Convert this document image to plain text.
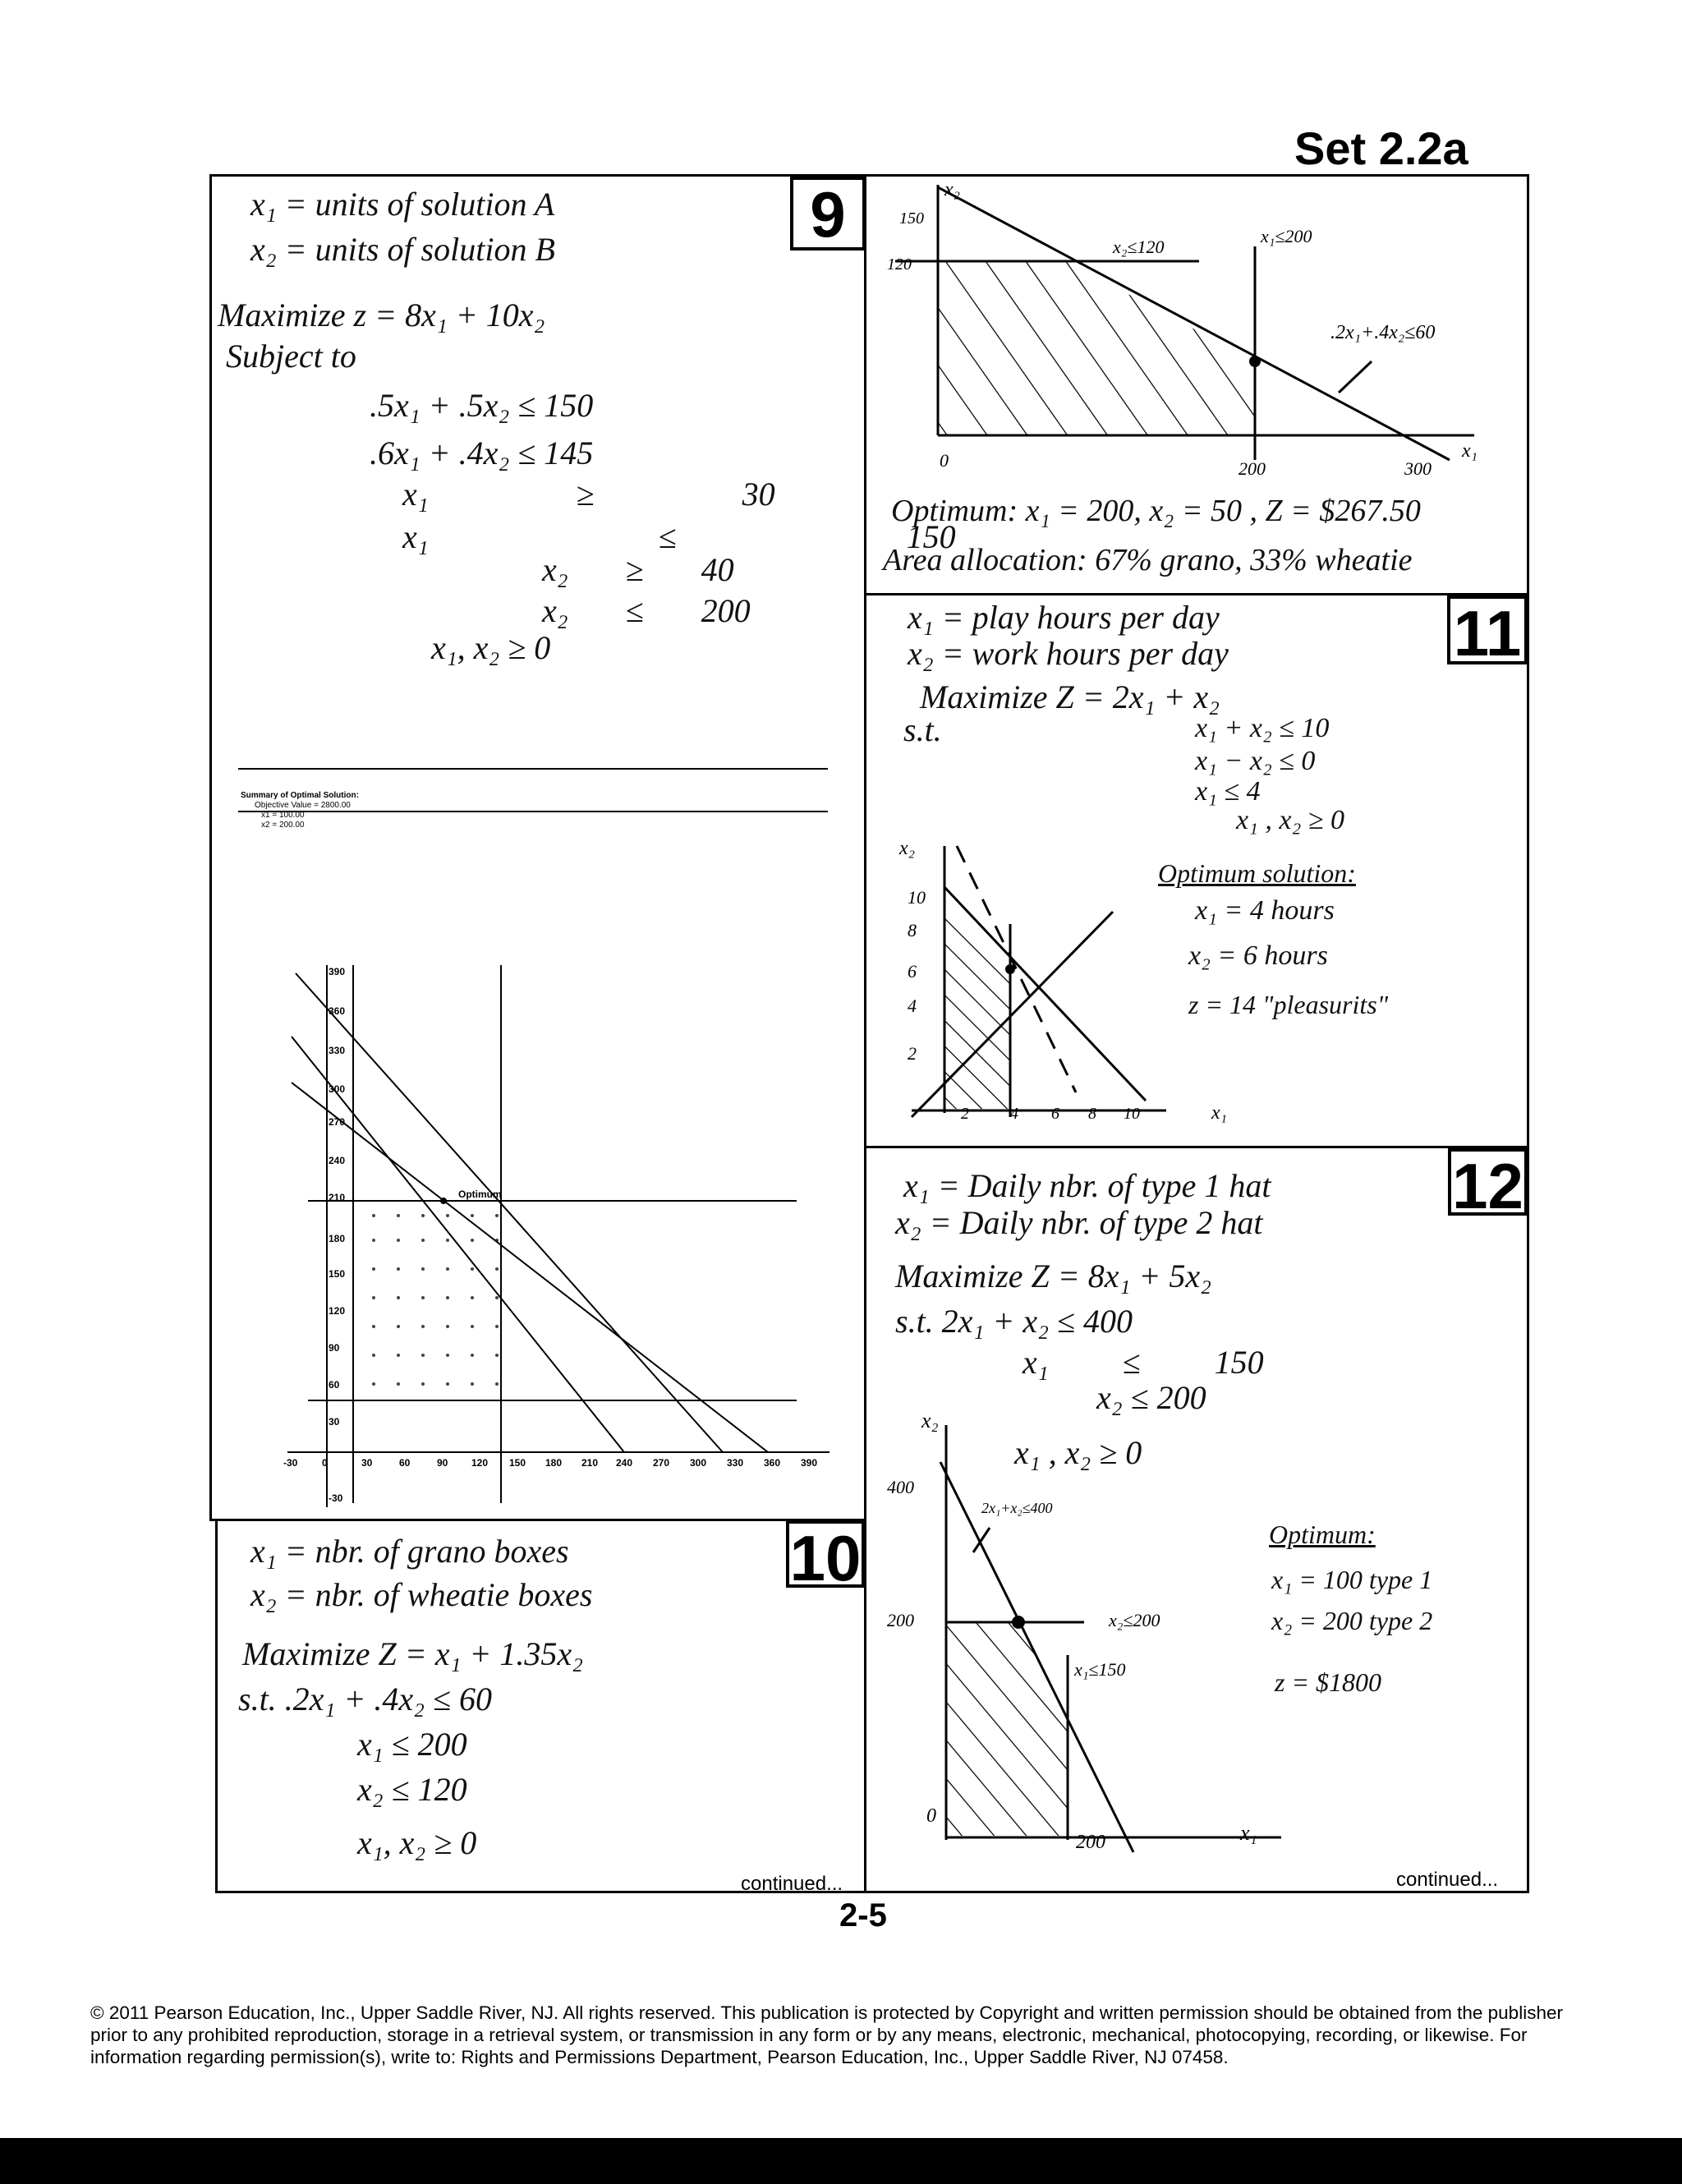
Set 2.2a
9
10
11
12
x₁ = units of solution A
x₂ = units of solution B
Maximize z = 8x₁ + 10x₂
Subject to
.5x₁ + .5x₂ ≤ 150
.6x₁ + .4x₂ ≤ 145
x₁ ≥ 30
x₁ ≤ 150
x₂ ≥ 40
x₂ ≤ 200
x₁, x₂ ≥ 0
Summary of Optimal Solution:
Objective Value = 2800.00
x1 = 100.00
x2 = 200.00
Optimum
390
360
330
300
270
240
210
180
150
120
90
60
30
-30
-30 0	30	60	90 120 150 180 210 240 270 300 330 360 390
x₁ = nbr. of grano boxes
x₂ = nbr. of wheatie boxes
Maximize Z = x₁ + 1.35x₂
s.t. .2x₁ + .4x₂ ≤ 60
x₁ ≤ 200
x₂ ≤ 120
x₁, x₂ ≥ 0
continued...
x₂
x₁
150
120
0	200	300
x₂≤120
x₁≤200
.2x₁+.4x₂≤60
Optimum: x₁ = 200, x₂ = 50 , Z = $267.50
Area allocation: 67% grano, 33% wheatie
x₁ = play hours per day
x₂ = work hours per day
Maximize Z = 2x₁ + x₂
s.t.	x₁ + x₂ ≤ 10
x₁ − x₂ ≤ 0
x₁ ≤ 4
x₁ , x₂ ≥ 0
x₂
x₁
10
8
6
4
2
2	4 6 8 10
Optimum solution:
x₁ = 4 hours
x₂ = 6 hours
z = 14 "pleasurits"
x₁ = Daily nbr. of type 1 hat
x₂ = Daily nbr. of type 2 hat
Maximize Z = 8x₁ + 5x₂
s.t. 2x₁ + x₂ ≤ 400
x₁ ≤ 150
x₂ ≤ 200
x₁ , x₂ ≥ 0
x₂
x₁
400
200
0
200
2x₁+x₂≤400
x₂≤200
x₁≤150
Optimum:
x₁ = 100 type 1
x₂ = 200 type 2
z = $1800
continued...
2-5
© 2011 Pearson Education, Inc., Upper Saddle River, NJ. All rights reserved. This publication is protected by Copyright and written permission should be obtained from the publisher prior to any prohibited reproduction, storage in a retrieval system, or transmission in any form or by any means, electronic, mechanical, photocopying, recording, or likewise. For information regarding permission(s), write to: Rights and Permissions Department, Pearson Education, Inc., Upper Saddle River, NJ 07458.
